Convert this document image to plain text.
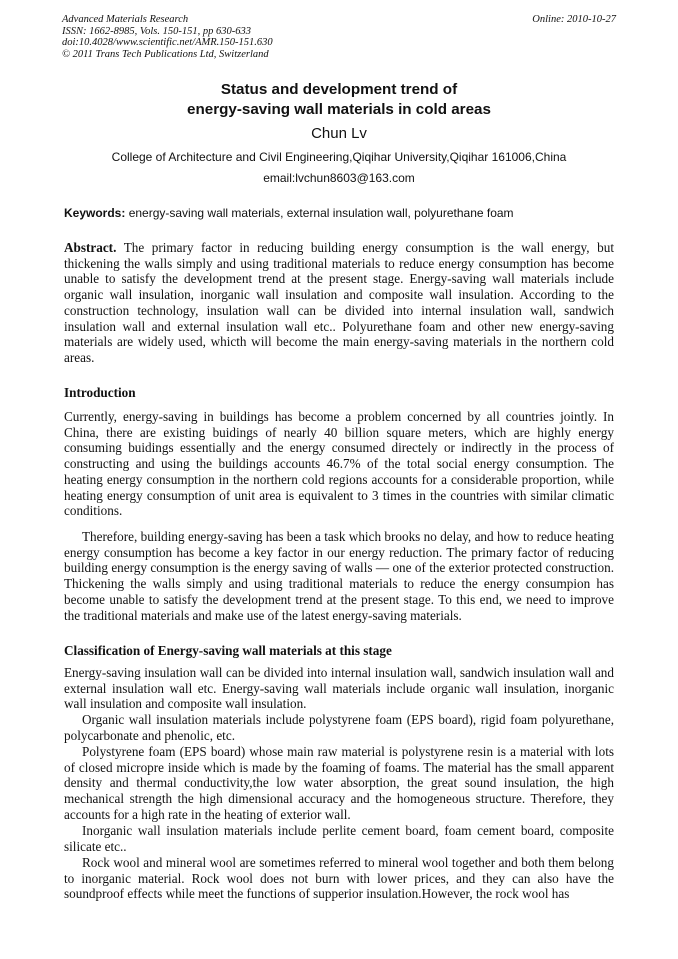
Advanced Materials Research
ISSN: 1662-8985, Vols. 150-151, pp 630-633
doi:10.4028/www.scientific.net/AMR.150-151.630
© 2011 Trans Tech Publications Ltd, Switzerland
Online: 2010-10-27
Status and development trend of
energy-saving wall materials in cold areas
Chun Lv
College of Architecture and Civil Engineering,Qiqihar University,Qiqihar 161006,China
email:lvchun8603@163.com
Keywords: energy-saving wall materials, external insulation wall, polyurethane foam

Abstract. The primary factor in reducing building energy consumption is the wall energy, but thickening the walls simply and using traditional materials to reduce energy consumption has become unable to satisfy the development trend at the present stage. Energy-saving wall materials include organic wall insulation, inorganic wall insulation and composite wall insulation. According to the construction technology, insulation wall can be divided into internal insulation wall, sandwich insulation wall and external insulation wall etc.. Polyurethane foam and other new energy-saving materials are widely used, whicth will become the main energy-saving materials in the northern cold areas.

Introduction

Currently, energy-saving in buildings has become a problem concerned by all countries jointly. In China, there are existing buidings of nearly 40 billion square meters, which are highly energy consuming buidings essentially and the energy consumed directely or indirectly in the process of constructing and using the buildings accounts 46.7% of the total social energy consumption. The heating energy consumption in the northern cold regions accounts for a considerable proportion, while heating energy consumption of unit area is equivalent to 3 times in the countries with similar climatic conditions.

Therefore, building energy-saving has been a task which brooks no delay, and how to reduce heating energy consumption has become a key factor in our energy reduction. The primary factor of reducing building energy consumption is the energy saving of walls — one of the exterior protected construction. Thickening the walls simply and using traditional materials to reduce the energy consumpion has become unable to satisfy the development trend at the present stage. To this end, we need to improve the traditional materials and make use of the latest energy-saving materials.

Classification of Energy-saving wall materials at this stage

Energy-saving insulation wall can be divided into internal insulation wall, sandwich insulation wall and external insulation wall etc. Energy-saving wall materials include organic wall insulation, inorganic wall insulation and composite wall insulation.

Organic wall insulation materials include polystyrene foam (EPS board), rigid foam polyurethane, polycarbonate and phenolic, etc.

Polystyrene foam (EPS board) whose main raw material is polystyrene resin is a material with lots of closed micropre inside which is made by the foaming of foams. The material has the small apparent density and thermal conductivity,the low water absorption, the great sound insulation, the high mechanical strength the high dimensional accuracy and the homogeneous structure. Therefore, they accounts for a high rate in the heating of exterior wall.

Inorganic wall insulation materials include perlite cement board, foam cement board, composite silicate etc..

Rock wool and mineral wool are sometimes referred to mineral wool together and both them belong to inorganic material. Rock wool does not burn with lower prices, and they can also have the soundproof effects while meet the functions of supperior insulation.However, the rock wool has
